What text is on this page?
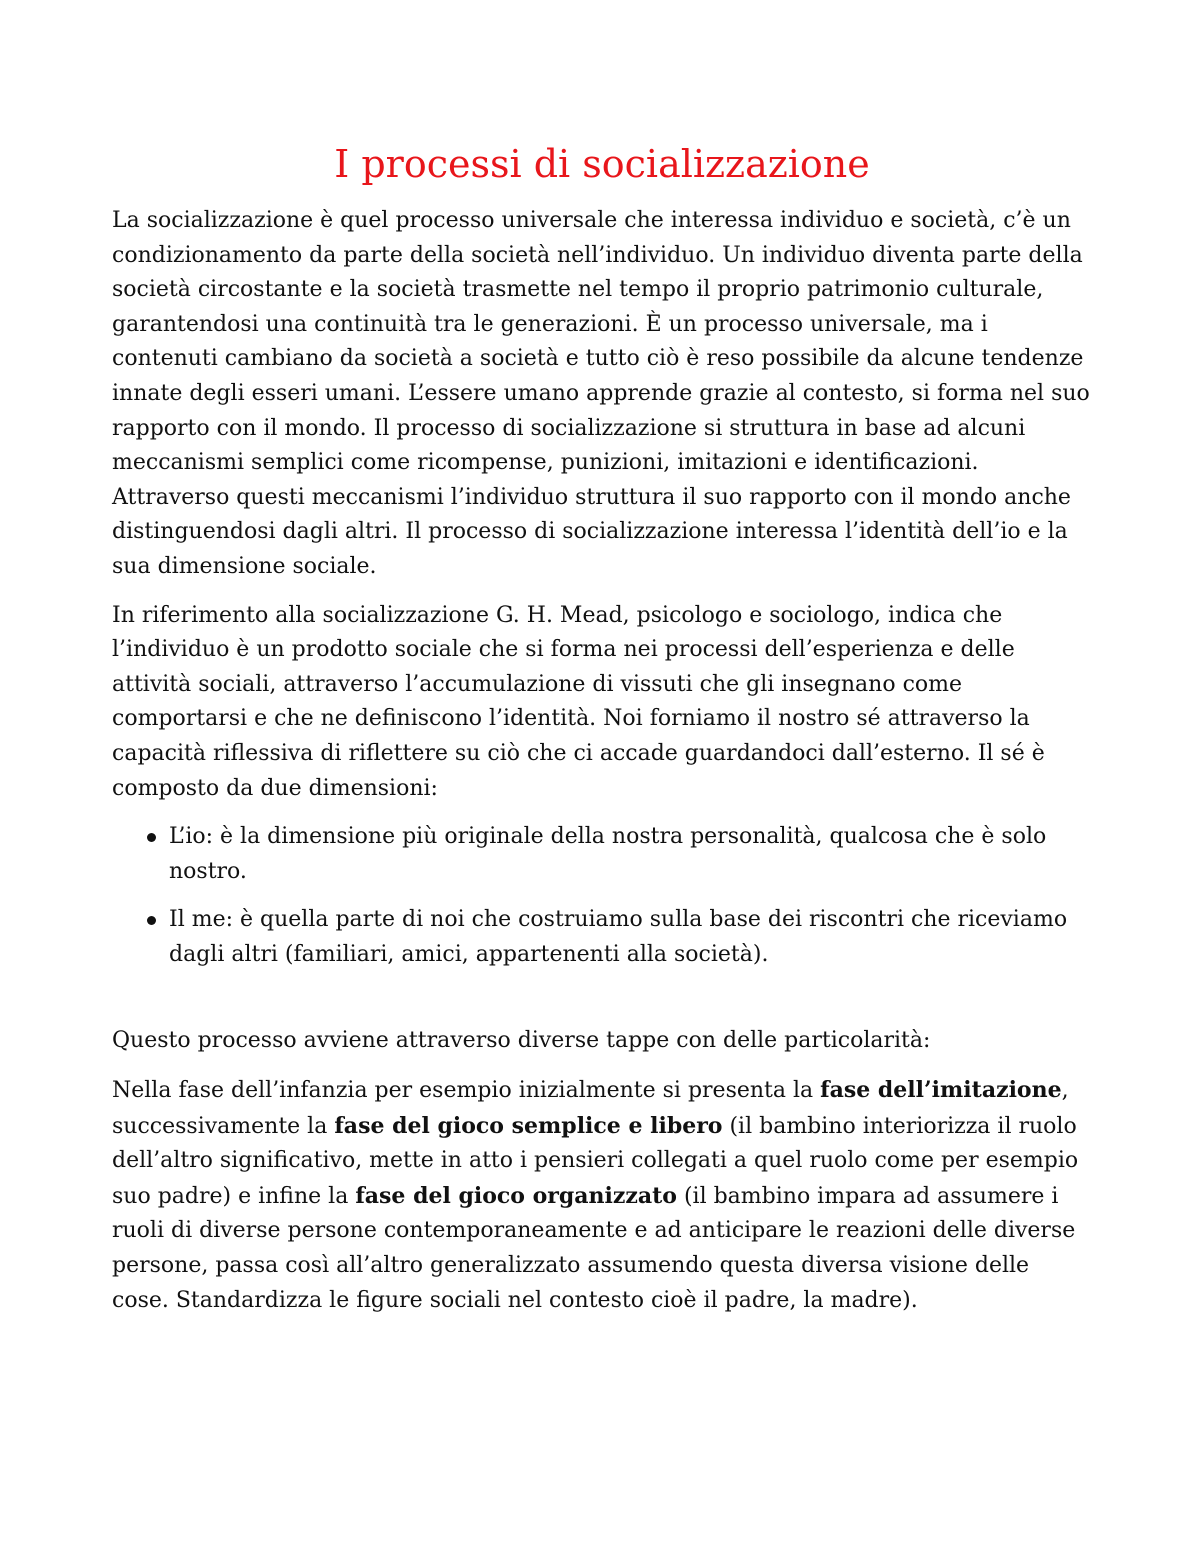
I processi di socializzazione

La socializzazione è quel processo universale che interessa individuo e società, c’è un condizionamento da parte della società nell’individuo. Un individuo diventa parte della società circostante e la società trasmette nel tempo il proprio patrimonio culturale, garantendosi una continuità tra le generazioni. È un processo universale, ma i contenuti cambiano da società a società e tutto ciò è reso possibile da alcune tendenze innate degli esseri umani. L’essere umano apprende grazie al contesto, si forma nel suo rapporto con il mondo. Il processo di socializzazione si struttura in base ad alcuni meccanismi semplici come ricompense, punizioni, imitazioni e identificazioni. Attraverso questi meccanismi l’individuo struttura il suo rapporto con il mondo anche distinguendosi dagli altri. Il processo di socializzazione interessa l’identità dell’io e la sua dimensione sociale.

In riferimento alla socializzazione G. H. Mead, psicologo e sociologo, indica che l’individuo è un prodotto sociale che si forma nei processi dell’esperienza e delle attività sociali, attraverso l’accumulazione di vissuti che gli insegnano come comportarsi e che ne definiscono l’identità. Noi forniamo il nostro sé attraverso la capacità riflessiva di riflettere su ciò che ci accade guardandoci dall’esterno. Il sé è composto da due dimensioni:

L’io: è la dimensione più originale della nostra personalità, qualcosa che è solo nostro.
Il me: è quella parte di noi che costruiamo sulla base dei riscontri che riceviamo dagli altri (familiari, amici, appartenenti alla società).

Questo processo avviene attraverso diverse tappe con delle particolarità:

Nella fase dell’infanzia per esempio inizialmente si presenta la fase dell’imitazione, successivamente la fase del gioco semplice e libero (il bambino interiorizza il ruolo dell’altro significativo, mette in atto i pensieri collegati a quel ruolo come per esempio suo padre) e infine la fase del gioco organizzato (il bambino impara ad assumere i ruoli di diverse persone contemporaneamente e ad anticipare le reazioni delle diverse persone, passa così all’altro generalizzato assumendo questa diversa visione delle cose. Standardizza le figure sociali nel contesto cioè il padre, la madre).
